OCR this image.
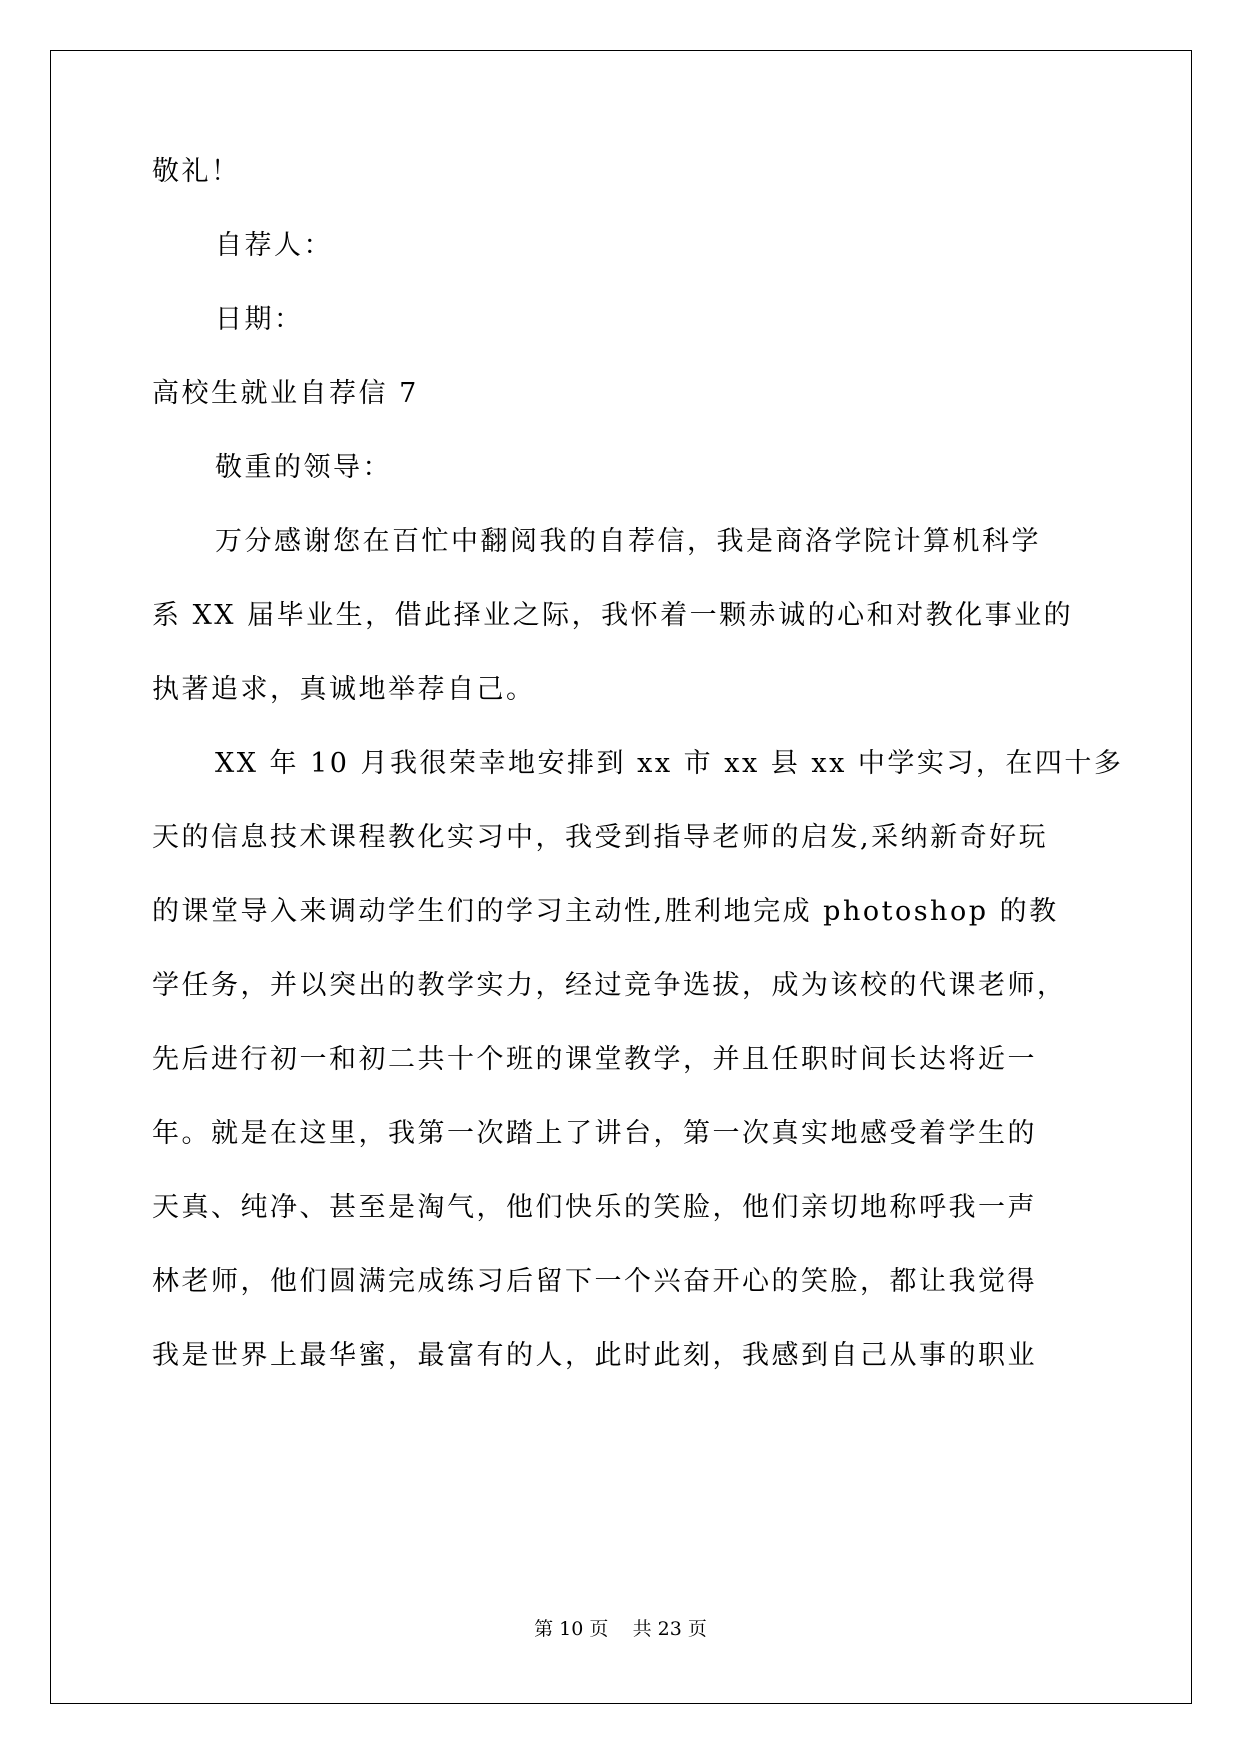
敬礼！
自荐人：
日期：
高校生就业自荐信 7
敬重的领导：
万分感谢您在百忙中翻阅我的自荐信，我是商洛学院计算机科学
系 XX 届毕业生，借此择业之际，我怀着一颗赤诚的心和对教化事业的
执著追求，真诚地举荐自己。
XX 年 10 月我很荣幸地安排到 xx 市 xx 县 xx 中学实习，在四十多
天的信息技术课程教化实习中，我受到指导老师的启发,采纳新奇好玩
的课堂导入来调动学生们的学习主动性,胜利地完成 photoshop 的教
学任务，并以突出的教学实力，经过竞争选拔，成为该校的代课老师，
先后进行初一和初二共十个班的课堂教学，并且任职时间长达将近一
年。就是在这里，我第一次踏上了讲台，第一次真实地感受着学生的
天真、纯净、甚至是淘气，他们快乐的笑脸，他们亲切地称呼我一声
林老师，他们圆满完成练习后留下一个兴奋开心的笑脸，都让我觉得
我是世界上最华蜜，最富有的人，此时此刻，我感到自己从事的职业
第 10 页 共 23 页
